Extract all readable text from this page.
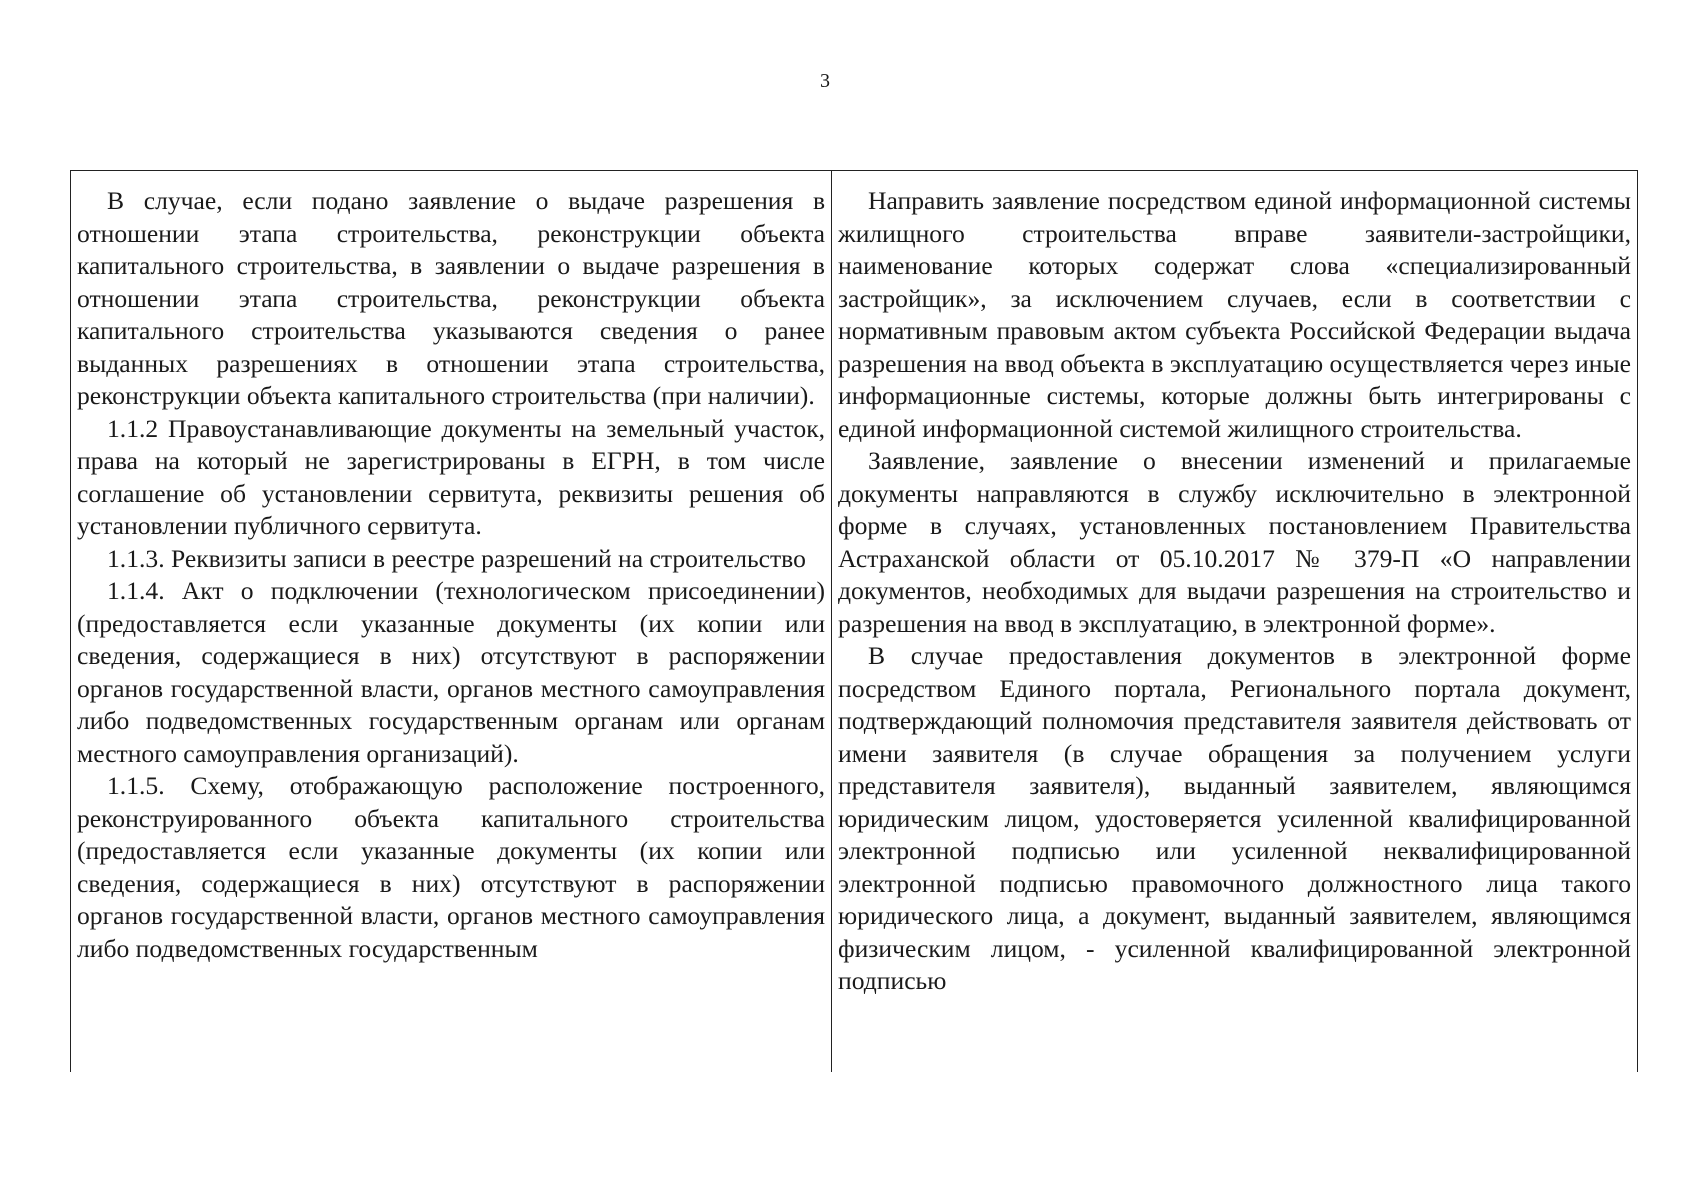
3

В случае, если подано заявление о выдаче разрешения в отношении этапа строительства, реконструкции объекта капитального строительства, в заявлении о выдаче разрешения в отношении этапа строительства, реконструкции объекта капитального строительства указываются сведения о ранее выданных разрешениях в отношении этапа строительства, реконструкции объекта капитального строительства (при наличии).

1.1.2 Правоустанавливающие документы на земельный участок, права на который не зарегистрированы в ЕГРН, в том числе соглашение об установлении сервитута, реквизиты решения об установлении публичного сервитута.

1.1.3. Реквизиты записи в реестре разрешений на строительство

1.1.4. Акт о подключении (технологическом присоединении) (предоставляется если указанные документы (их копии или сведения, содержащиеся в них) отсутствуют в распоряжении органов государственной власти, органов местного самоуправления либо подведомственных государственным органам или органам местного самоуправления организаций).

1.1.5. Схему, отображающую расположение построенного, реконструированного объекта капитального строительства (предоставляется если указанные документы (их копии или сведения, содержащиеся в них) отсутствуют в распоряжении органов государственной власти, органов местного самоуправления либо подведомственных государственным

Направить заявление посредством единой информационной системы жилищного строительства вправе заявители-застройщики, наименование которых содержат слова «специализированный застройщик», за исключением случаев, если в соответствии с нормативным правовым актом субъекта Российской Федерации выдача разрешения на ввод объекта в эксплуатацию осуществляется через иные информационные системы, которые должны быть интегрированы с единой информационной системой жилищного строительства.

Заявление, заявление о внесении изменений и прилагаемые документы направляются в службу исключительно в электронной форме в случаях, установленных постановлением Правительства Астраханской области от 05.10.2017 № 379-П «О направлении документов, необходимых для выдачи разрешения на строительство и разрешения на ввод в эксплуатацию, в электронной форме».

В случае предоставления документов в электронной форме посредством Единого портала, Регионального портала документ, подтверждающий полномочия представителя заявителя действовать от имени заявителя (в случае обращения за получением услуги представителя заявителя), выданный заявителем, являющимся юридическим лицом, удостоверяется усиленной квалифицированной электронной подписью или усиленной неквалифицированной электронной подписью правомочного должностного лица такого юридического лица, а документ, выданный заявителем, являющимся физическим лицом, - усиленной квалифицированной электронной подписью
